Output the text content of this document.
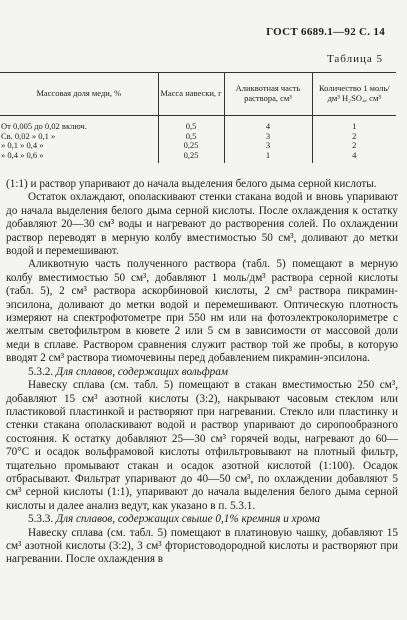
ГОСТ 6689.1—92 С. 14
Таблица 5
Массовая доля меди, %	Масса навески, г	Аликвотная часть раствора, см³	Количество 1 моль/дм³ H₂SO₄, см³
От 0,005 до 0,02 включ.	0,5	4	1
Св. 0,02 » 0,1 »	0,5	3	2
» 0,1 » 0,4 »	0,25	3	2
» 0,4 » 0,6 »	0,25	1	4

(1:1) и раствор упаривают до начала выделения белого дыма серной кислоты.

Остаток охлаждают, ополаскивают стенки стакана водой и вновь упаривают до начала выделения белого дыма серной кислоты. После охлаждения к остатку добавляют 20—30 см³ воды и нагревают до растворения солей. По охлаждении раствор переводят в мерную колбу вместимостью 50 см³, доливают до метки водой и перемешивают.

Аликвотную часть полученного раствора (табл. 5) помещают в мерную колбу вместимостью 50 см³, добавляют 1 моль/дм³ раствора серной кислоты (табл. 5), 2 см³ раствора аскорбиновой кислоты, 2 см³ раствора пикрамин-эпсилона, доливают до метки водой и перемешивают. Оптическую плотность измеряют на спектрофотометре при 550 нм или на фотоэлектроколориметре с желтым светофильтром в кювете 2 или 5 см в зависимости от массовой доли меди в сплаве. Раствором сравнения служит раствор той же пробы, в которую вводят 2 см³ раствора тиомочевины перед добавлением пикрамин-эпсилона.

5.3.2. Для сплавов, содержащих вольфрам

Навеску сплава (см. табл. 5) помещают в стакан вместимостью 250 см³, добавляют 15 см³ азотной кислоты (3:2), накрывают часовым стеклом или пластиковой пластинкой и растворяют при нагревании. Стекло или пластинку и стенки стакана ополаскивают водой и раствор упаривают до сиропообразного состояния. К остатку добавляют 25—30 см³ горячей воды, нагревают до 60—70°С и осадок вольфрамовой кислоты отфильтровывают на плотный фильтр, тщательно промывают стакан и осадок азотной кислотой (1:100). Осадок отбрасывают. Фильтрат упаривают до 40—50 см³, по охлаждении добавляют 5 см³ серной кислоты (1:1), упаривают до начала выделения белого дыма серной кислоты и далее анализ ведут, как указано в п. 5.3.1.

5.3.3. Для сплавов, содержащих свыше 0,1% кремния и хрома

Навеску сплава (см. табл. 5) помещают в платиновую чашку, добавляют 15 см³ азотной кислоты (3:2), 3 см³ фтористоводородной кислоты и растворяют при нагревании. После охлаждения в
